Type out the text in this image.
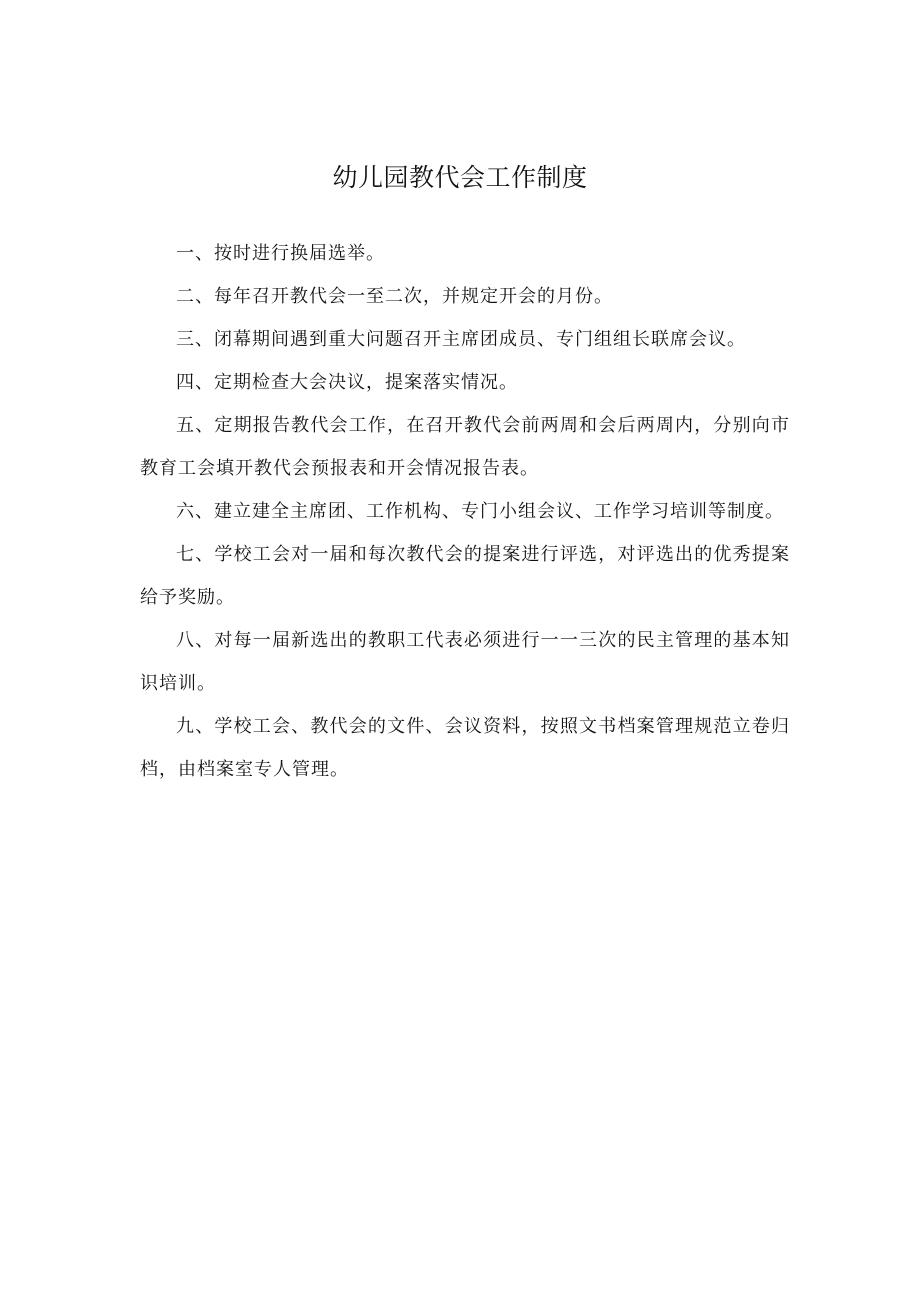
幼儿园教代会工作制度

一、按时进行换届选举。

二、每年召开教代会一至二次，并规定开会的月份。

三、闭幕期间遇到重大问题召开主席团成员、专门组组长联席会议。

四、定期检查大会决议，提案落实情况。

五、定期报告教代会工作，在召开教代会前两周和会后两周内，分别向市教育工会填开教代会预报表和开会情况报告表。

六、建立建全主席团、工作机构、专门小组会议、工作学习培训等制度。

七、学校工会对一届和每次教代会的提案进行评选，对评选出的优秀提案给予奖励。

八、对每一届新选出的教职工代表必须进行一一三次的民主管理的基本知识培训。

九、学校工会、教代会的文件、会议资料，按照文书档案管理规范立卷归档，由档案室专人管理。
